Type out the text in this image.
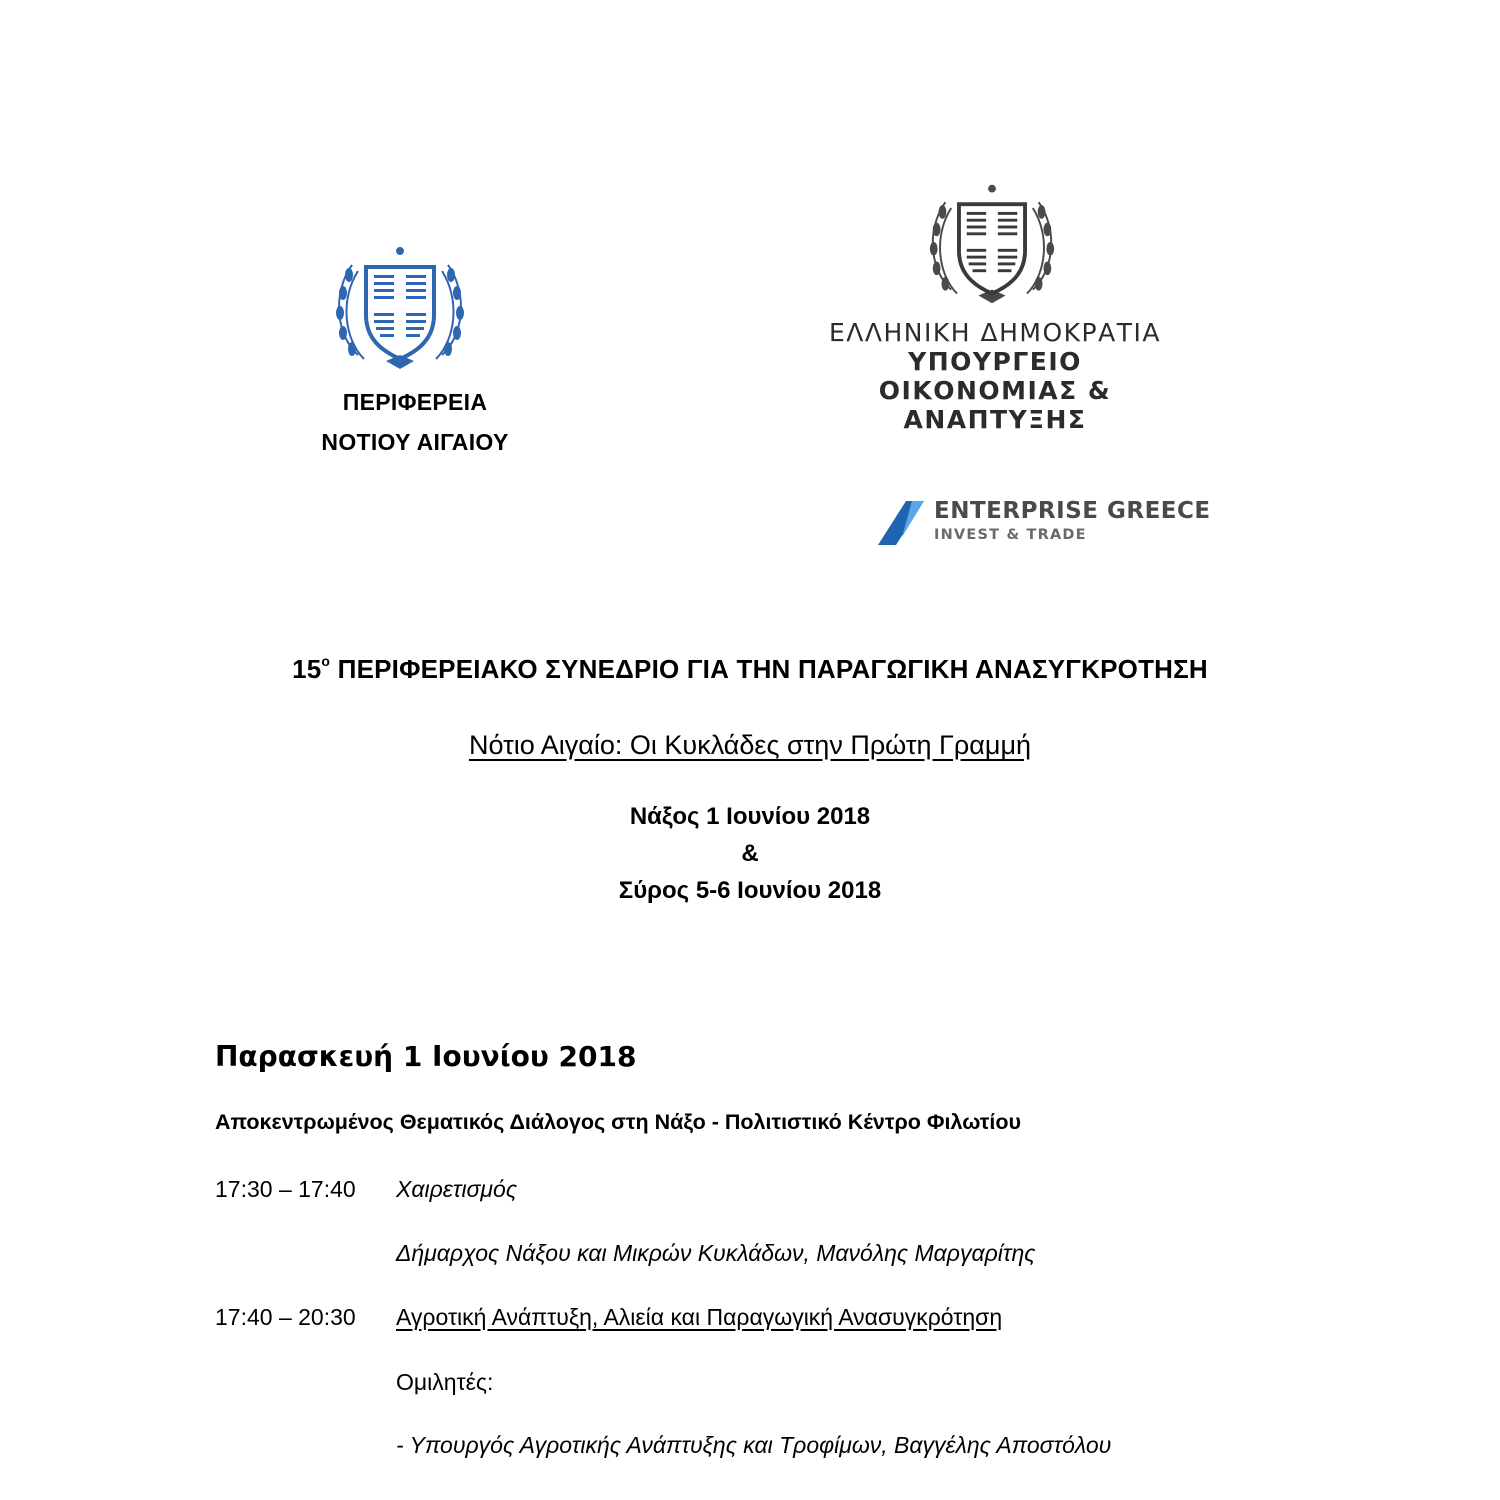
ΠΕΡΙΦΕΡΕΙΑ
ΝΟΤΙΟΥ ΑΙΓΑΙΟΥ
ΕΛΛΗΝΙΚΗ ΔΗΜΟΚΡΑΤΙΑ
ΥΠΟΥΡΓΕΙΟ
ΟΙΚΟΝΟΜΙΑΣ & ΑΝΑΠΤΥΞΗΣ
ENTERPRISE GREECE
INVEST & TRADE
$15^o$ ΠΕΡΙΦΕΡΕΙΑΚΟ ΣΥΝΕΔΡΙΟ ΓΙΑ ΤΗΝ ΠΑΡΑΓΩΓΙΚΗ ΑΝΑΣΥΓΚΡΟΤΗΣΗ
Νότιο Αιγαίο: Οι Κυκλάδες στην Πρώτη Γραμμή
Νάξος 1 Ιουνίου 2018
&
Σύρος 5-6 Ιουνίου 2018
Παρασκευή 1 Ιουνίου 2018
Αποκεντρωμένος Θεματικός Διάλογος στη Νάξο - Πολιτιστικό Κέντρο Φιλωτίου
17:30 – 17:40	Χαιρετισμός
Δήμαρχος Νάξου και Μικρών Κυκλάδων, Μανόλης Μαργαρίτης
17:40 – 20:30	Αγροτική Ανάπτυξη, Αλιεία και Παραγωγική Ανασυγκρότηση
Ομιλητές:
- Υπουργός Αγροτικής Ανάπτυξης και Τροφίμων, Βαγγέλης Αποστόλου
